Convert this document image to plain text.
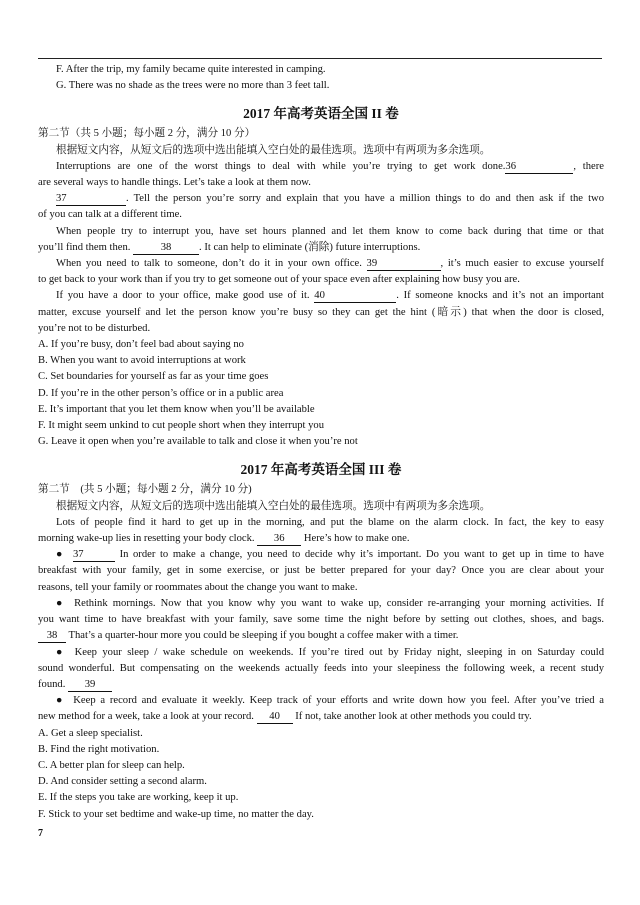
F. After the trip, my family became quite interested in camping.

G. There was no shade as the trees were no more than 3 feet tall.

2017 年高考英语全国 II 卷

第二节（共 5 小题；每小题 2 分，满分 10 分）

根据短文内容，从短文后的选项中选出能填入空白处的最佳选项。选项中有两项为多余选项。

Interruptions are one of the worst things to deal with while you’re trying to get work done.36	, there

are several ways to handle things. Let’s take a look at them now.

37	. Tell the person you’re sorry and explain that you have a million things to do and then ask if the two

of you can talk at a different time.

When people try to interrupt you, have set hours planned and let them know to come back during that time or that

you’ll find them then.	38	. It can help to eliminate (消除) future interruptions.

When you need to talk to someone, don’t do it in your own office. 39	, it’s much easier to excuse yourself

to get back to your work than if you try to get someone out of your space even after explaining how busy you are.

If you have a door to your office, make good use of it. 40	. If someone knocks and it’s not an important

matter, excuse yourself and let the person know you’re busy so they can get the hint (暗示) that when the door is closed,

you’re not to be disturbed.

A. If you’re busy, don’t feel bad about saying no

B. When you want to avoid interruptions at work

C. Set boundaries for yourself as far as your time goes

D. If you’re in the other person’s office or in a public area

E. It’s important that you let them know when you’ll be available

F. It might seem unkind to cut people short when they interrupt you

G. Leave it open when you’re available to talk and close it when you’re not

2017 年高考英语全国 III 卷

第二节　(共 5 小题；每小题 2 分，满分 10 分)

根据短文内容，从短文后的选项中选出能填入空白处的最佳选项。选项中有两项为多余选项。

Lots of people find it hard to get up in the morning, and put the blame on the alarm clock. In fact, the key to easy

morning wake-up lies in resetting your body clock. 36 Here’s how to make one.

● 37	In order to make a change, you need to decide why it’s important. Do you want to get up in time to have

breakfast with your family, get in some exercise, or just be better prepared for your day? Once you are clear about your

reasons, tell your family or roommates about the change you want to make.

● Rethink mornings. Now that you know why you want to wake up, consider re-arranging your morning activities. If

you want time to have breakfast with your family, save some time the night before by setting out clothes, shoes, and bags.

38 That’s a quarter-hour more you could be sleeping if you bought a coffee maker with a timer.

● Keep your sleep / wake schedule on weekends. If you’re tired out by Friday night, sleeping in on Saturday could

sound wonderful. But compensating on the weekends actually feeds into your sleepiness the following week, a recent study

found. 39

● Keep a record and evaluate it weekly. Keep track of your efforts and write down how you feel. After you’ve tried a

new method for a week, take a look at your record. 40 If not, take another look at other methods you could try.

A. Get a sleep specialist.

B. Find the right motivation.

C. A better plan for sleep can help.

D. And consider setting a second alarm.

E. If the steps you take are working, keep it up.

F. Stick to your set bedtime and wake-up time, no matter the day.

7
